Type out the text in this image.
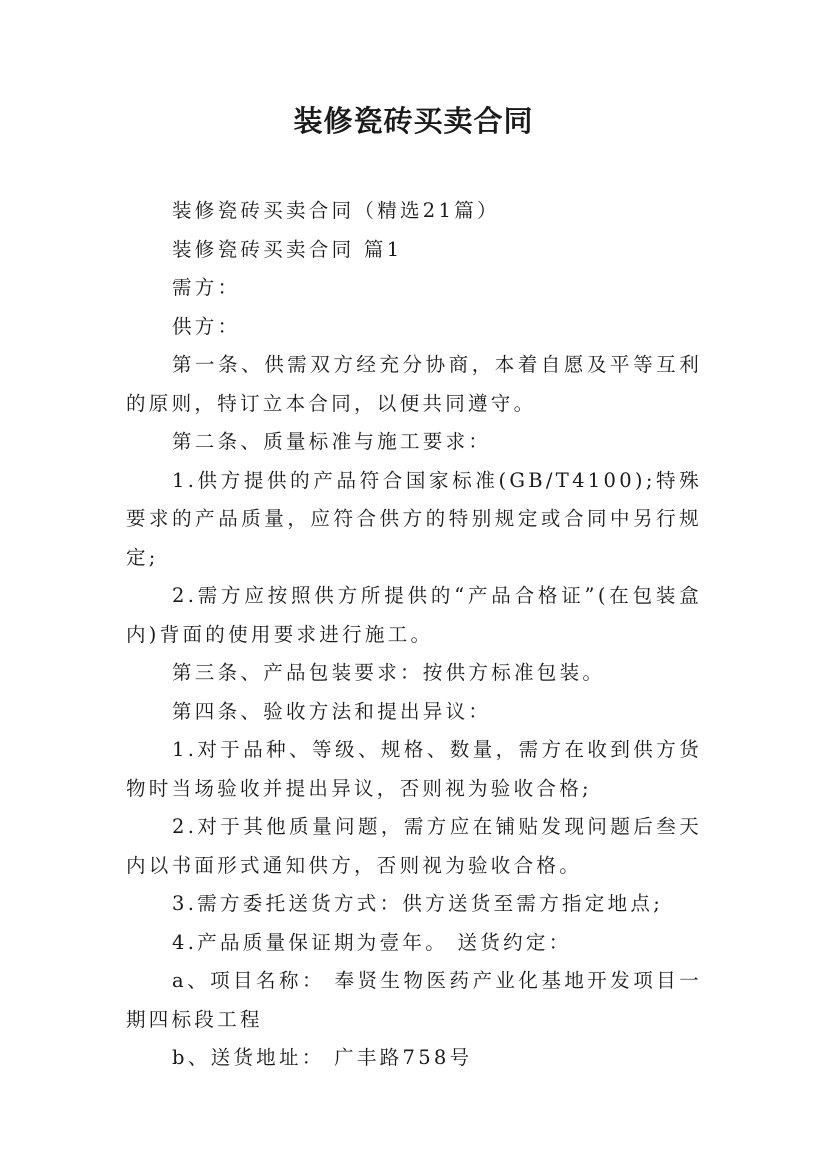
装修瓷砖买卖合同

装修瓷砖买卖合同（精选21篇）

装修瓷砖买卖合同 篇1

需方：

供方：

第一条、供需双方经充分协商，本着自愿及平等互利的原则，特订立本合同，以便共同遵守。

第二条、质量标准与施工要求：

1.供方提供的产品符合国家标准(GB/T4100);特殊要求的产品质量，应符合供方的特别规定或合同中另行规定;

2.需方应按照供方所提供的“产品合格证”(在包装盒内)背面的使用要求进行施工。

第三条、产品包装要求：按供方标准包装。

第四条、验收方法和提出异议：

1.对于品种、等级、规格、数量，需方在收到供方货物时当场验收并提出异议，否则视为验收合格;

2.对于其他质量问题，需方应在铺贴发现问题后叁天内以书面形式通知供方，否则视为验收合格。

3.需方委托送货方式：供方送货至需方指定地点;

4.产品质量保证期为壹年。 送货约定：

a、项目名称： 奉贤生物医药产业化基地开发项目一期四标段工程

b、送货地址： 广丰路758号
